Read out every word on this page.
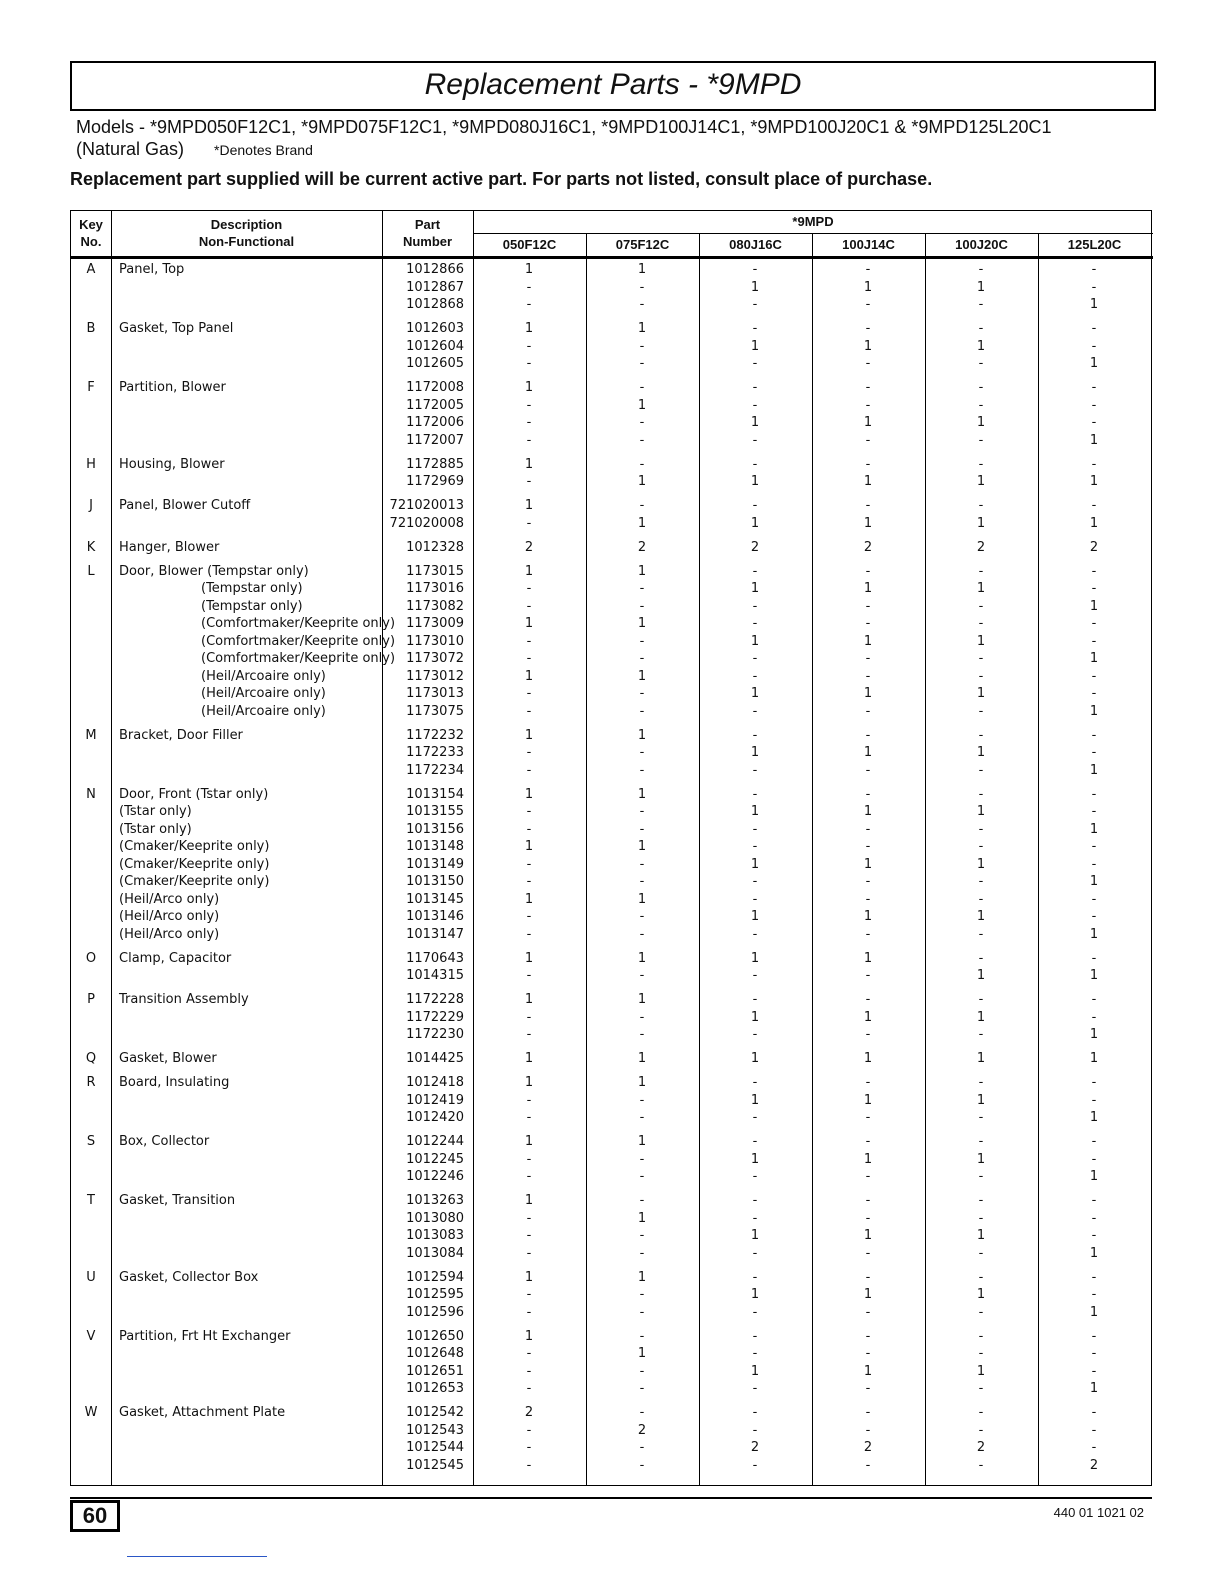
Replacement Parts - *9MPD
Models - *9MPD050F12C1, *9MPD075F12C1, *9MPD080J16C1, *9MPD100J14C1, *9MPD100J20C1 & *9MPD125L20C1
(Natural Gas) *Denotes Brand
Replacement part supplied will be current active part. For parts not listed, consult place of purchase.
Key
No.
Description
Non-Functional
Part
Number
*9MPD
050F12C	075F12C	080J16C	100J14C	100J20C	125L20C
A	Panel, Top	1012866	1	1	-	-	-	-
1012867	-	-	1	1	1	-
1012868	-	-	-	-	-	1
B	Gasket, Top Panel	1012603	1	1	-	-	-	-
1012604	-	-	1	1	1	-
1012605	-	-	-	-	-	1
F	Partition, Blower	1172008	1	-	-	-	-	-
1172005	-	1	-	-	-	-
1172006	-	-	1	1	1	-
1172007	-	-	-	-	-	1
H	Housing, Blower	1172885	1	-	-	-	-	-
1172969	-	1	1	1	1	1
J	Panel, Blower Cutoff	721020013	1	-	-	-	-	-
721020008	-	1	1	1	1	1
K	Hanger, Blower	1012328	2	2	2	2	2	2
L	Door, Blower (Tempstar only)	1173015	1	1	-	-	-	-
(Tempstar only)	1173016	-	-	1	1	1	-
(Tempstar only)	1173082	-	-	-	-	-	1
(Comfortmaker/Keeprite only) 1173009	1	1	-	-	-	-
(Comfortmaker/Keeprite only) 1173010	-	-	1	1	1	-
(Comfortmaker/Keeprite only) 1173072	-	-	-	-	-	1
(Heil/Arcoaire only)	1173012	1	1	-	-	-	-
(Heil/Arcoaire only)	1173013	-	-	1	1	1	-
(Heil/Arcoaire only)	1173075	-	-	-	-	-	1
M	Bracket, Door Filler	1172232	1	1	-	-	-	-
1172233	-	-	1	1	1	-
1172234	-	-	-	-	-	1
N	Door, Front (Tstar only)	1013154	1	1	-	-	-	-
(Tstar only)	1013155	-	-	1	1	1	-
(Tstar only)	1013156	-	-	-	-	-	1
(Cmaker/Keeprite only)	1013148	1	1	-	-	-	-
(Cmaker/Keeprite only)	1013149	-	-	1	1	1	-
(Cmaker/Keeprite only)	1013150	-	-	-	-	-	1
(Heil/Arco only)	1013145	1	1	-	-	-	-
(Heil/Arco only)	1013146	-	-	1	1	1	-
(Heil/Arco only)	1013147	-	-	-	-	-	1
O	Clamp, Capacitor	1170643	1	1	1	1	-	-
1014315	-	-	-	-	1	1
P	Transition Assembly	1172228	1	1	-	-	-	-
1172229	-	-	1	1	1	-
1172230	-	-	-	-	-	1
Q	Gasket, Blower	1014425	1	1	1	1	1	1
R	Board, Insulating	1012418	1	1	-	-	-	-
1012419	-	-	1	1	1	-
1012420	-	-	-	-	-	1
S	Box, Collector	1012244	1	1	-	-	-	-
1012245	-	-	1	1	1	-
1012246	-	-	-	-	-	1
T	Gasket, Transition	1013263	1	-	-	-	-	-
1013080	-	1	-	-	-	-
1013083	-	-	1	1	1	-
1013084	-	-	-	-	-	1
U	Gasket, Collector Box	1012594	1	1	-	-	-	-
1012595	-	-	1	1	1	-
1012596	-	-	-	-	-	1
V	Partition, Frt Ht Exchanger	1012650	1	-	-	-	-	-
1012648	-	1	-	-	-	-
1012651	-	-	1	1	1	-
1012653	-	-	-	-	-	1
W	Gasket, Attachment Plate	1012542	2	-	-	-	-	-
1012543	-	2	-	-	-	-
1012544	-	-	2	2	2	-
1012545	-	-	-	-	-	2
60	440 01 1021 02
